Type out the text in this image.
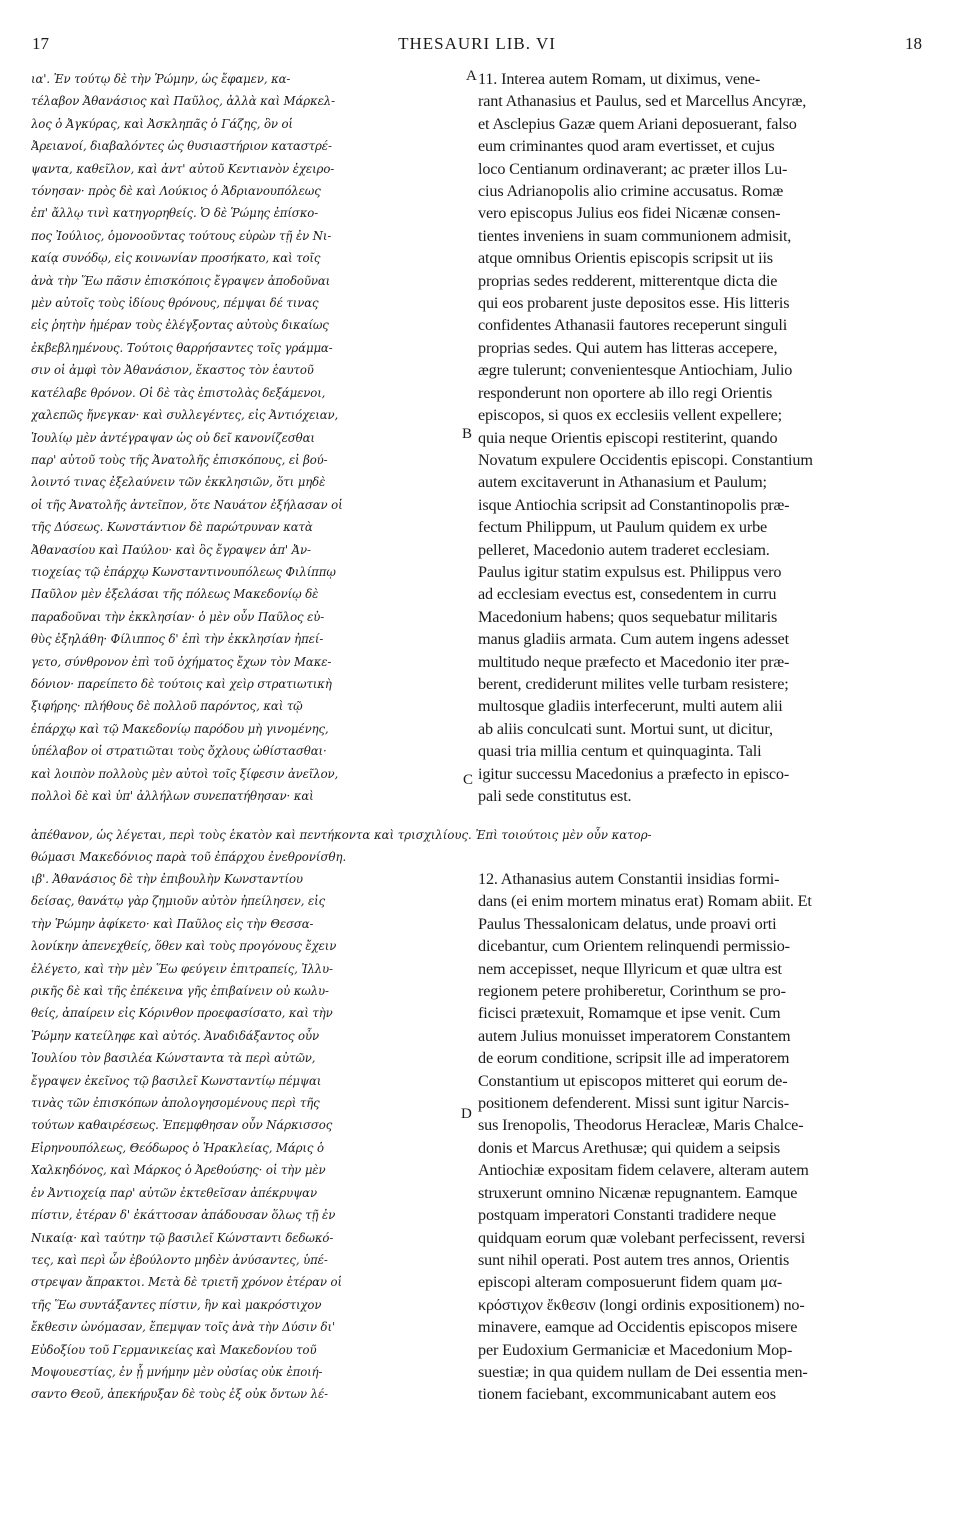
17	THESAURI LIB. VI	18
ια'. Ἐν τούτῳ δὲ τὴν Ῥώμην, ὡς ἔφαμεν, κα-
τέλαβον Ἀθανάσιος καὶ Παῦλος, ἀλλὰ καὶ Μάρκελ-
λος ὁ Ἀγκύρας, καὶ Ἀσκληπᾶς ὁ Γάζης, ὃν οἱ
Ἀρειανοί, διαβαλόντες ὡς θυσιαστήριον καταστρέ-
ψαντα, καθεῖλον, καὶ ἀντ' αὐτοῦ Κεντιανὸν ἐχειρο-
τόνησαν· πρὸς δὲ καὶ Λούκιος ὁ Ἀδριανουπόλεως
ἐπ' ἄλλῳ τινὶ κατηγορηθείς. Ὁ δὲ Ῥώμης ἐπίσκο-
πος Ἰούλιος, ὁμονοοῦντας τούτους εὑρὼν τῇ ἐν Νι-
καίᾳ συνόδῳ, εἰς κοινωνίαν προσήκατο, καὶ τοῖς
ἀνὰ τὴν Ἕω πᾶσιν ἐπισκόποις ἔγραψεν ἀποδοῦναι
μὲν αὐτοῖς τοὺς ἰδίους θρόνους, πέμψαι δέ τινας
εἰς ῥητὴν ἡμέραν τοὺς ἐλέγξοντας αὐτοὺς δικαίως
ἐκβεβλημένους. Τούτοις θαρρήσαντες τοῖς γράμμα-
σιν οἱ ἀμφὶ τὸν Ἀθανάσιον, ἕκαστος τὸν ἑαυτοῦ
κατέλαβε θρόνον. Οἱ δὲ τὰς ἐπιστολὰς δεξάμενοι,
χαλεπῶς ἤνεγκαν· καὶ συλλεγέντες, εἰς Ἀντιόχειαν,
Ἰουλίῳ μὲν ἀντέγραψαν ὡς οὐ δεῖ κανονίζεσθαι
παρ' αὐτοῦ τοὺς τῆς Ἀνατολῆς ἐπισκόπους, εἰ βού-
λοιντό τινας ἐξελαύνειν τῶν ἐκκλησιῶν, ὅτι μηδὲ
οἱ τῆς Ἀνατολῆς ἀντεῖπον, ὅτε Ναυάτον ἐξήλασαν οἱ
τῆς Δύσεως. Κωνστάντιον δὲ παρώτρυναν κατὰ
Ἀθανασίου καὶ Παύλου· καὶ ὃς ἔγραψεν ἀπ' Ἀν-
τιοχείας τῷ ἐπάρχῳ Κωνσταντινουπόλεως Φιλίππῳ
Παῦλον μὲν ἐξελάσαι τῆς πόλεως Μακεδονίῳ δὲ
παραδοῦναι τὴν ἐκκλησίαν· ὁ μὲν οὖν Παῦλος εὐ-
θὺς ἐξηλάθη· Φίλιππος δ' ἐπὶ τὴν ἐκκλησίαν ἠπεί-
γετο, σύνθρονον ἐπὶ τοῦ ὀχήματος ἔχων τὸν Μακε-
δόνιον· παρείπετο δὲ τούτοις καὶ χεὶρ στρατιωτικὴ
ξιφήρης· πλήθους δὲ πολλοῦ παρόντος, καὶ τῷ
ἐπάρχῳ καὶ τῷ Μακεδονίῳ παρόδου μὴ γινομένης,
ὑπέλαβον οἱ στρατιῶται τοὺς ὄχλους ὠθίστασθαι·
καὶ λοιπὸν πολλοὺς μὲν αὐτοὶ τοῖς ξίφεσιν ἀνεῖλον,
πολλοὶ δὲ καὶ ὑπ' ἀλλήλων συνεπατήθησαν· καὶ
11. Interea autem Romam, ut diximus, vene-
rant Athanasius et Paulus, sed et Marcellus Ancyræ,
et Asclepius Gazæ quem Ariani deposuerant, falso
eum criminantes quod aram evertisset, et cujus
loco Centianum ordinaverant; ac præter illos Lu-
cius Adrianopolis alio crimine accusatus. Romæ
vero episcopus Julius eos fidei Nicænæ consen-
tientes inveniens in suam communionem admisit,
atque omnibus Orientis episcopis scripsit ut iis
proprias sedes redderent, mitterentque dicta die
qui eos probarent juste depositos esse. His litteris
confidentes Athanasii fautores receperunt singuli
proprias sedes. Qui autem has litteras accepere,
ægre tulerunt; convenientesque Antiochiam, Julio
responderunt non oportere ab illo regi Orientis
episcopos, si quos ex ecclesiis vellent expellere;
quia neque Orientis episcopi restiterint, quando
Novatum expulere Occidentis episcopi. Constantium
autem excitaverunt in Athanasium et Paulum;
isque Antiochia scripsit ad Constantinopolis præ-
fectum Philippum, ut Paulum quidem ex urbe
pelleret, Macedonio autem traderet ecclesiam.
Paulus igitur statim expulsus est. Philippus vero
ad ecclesiam evectus est, consedentem in curru
Macedonium habens; quos sequebatur militaris
manus gladiis armata. Cum autem ingens adesset
multitudo neque præfecto et Macedonio iter præ-
berent, crediderunt milites velle turbam resistere;
multosque gladiis interfecerunt, multi autem alii
ab aliis conculcati sunt. Mortui sunt, ut dicitur,
quasi tria millia centum et quinquaginta. Tali
igitur successu Macedonius a præfecto in episco-
pali sede constitutus est.
ἀπέθανον, ὡς λέγεται, περὶ τοὺς ἑκατὸν καὶ πεντήκοντα καὶ τρισχιλίους. Ἐπὶ τοιούτοις μὲν οὖν κατορ-
θώμασι Μακεδόνιος παρὰ τοῦ ἐπάρχου ἐνεθρονίσθη.
ιβ'. Ἀθανάσιος δὲ τὴν ἐπιβουλὴν Κωνσταντίου
δείσας, θανάτῳ γὰρ ζημιοῦν αὐτὸν ἠπείλησεν, εἰς
τὴν Ῥώμην ἀφίκετο· καὶ Παῦλος εἰς τὴν Θεσσα-
λονίκην ἀπενεχθείς, ὅθεν καὶ τοὺς προγόνους ἔχειν
ἐλέγετο, καὶ τὴν μὲν Ἕω φεύγειν ἐπιτραπείς, Ἰλλυ-
ρικῆς δὲ καὶ τῆς ἐπέκεινα γῆς ἐπιβαίνειν οὐ κωλυ-
θείς, ἀπαίρειν εἰς Κόρινθον προεφασίσατο, καὶ τὴν
Ῥώμην κατείληφε καὶ αὐτός. Ἀναδιδάξαντος οὖν
Ἰουλίου τὸν βασιλέα Κώνσταντα τὰ περὶ αὐτῶν,
ἔγραψεν ἐκεῖνος τῷ βασιλεῖ Κωνσταντίῳ πέμψαι
τινὰς τῶν ἐπισκόπων ἀπολογησομένους περὶ τῆς
τούτων καθαιρέσεως. Ἐπεμφθησαν οὖν Νάρκισσος
Εἰρηνουπόλεως, Θεόδωρος ὁ Ἡρακλείας, Μάρις ὁ
Χαλκηδόνος, καὶ Μάρκος ὁ Ἀρεθούσης· οἱ τὴν μὲν
ἐν Ἀντιοχείᾳ παρ' αὐτῶν ἐκτεθεῖσαν ἀπέκρυψαν
πίστιν, ἑτέραν δ' ἐκάττοσαν ἀπάδουσαν ὅλως τῇ ἐν
Νικαίᾳ· καὶ ταύτην τῷ βασιλεῖ Κώνσταντι δεδωκό-
τες, καὶ περὶ ὧν ἐβούλοντο μηδὲν ἀνύσαντες, ὑπέ-
στρεψαν ἄπρακτοι. Μετὰ δὲ τριετῆ χρόνον ἑτέραν οἱ
τῆς Ἕω συντάξαντες πίστιν, ἣν καὶ μακρόστιχον
ἔκθεσιν ὠνόμασαν, ἔπεμψαν τοῖς ἀνὰ τὴν Δύσιν δι'
Εὐδοξίου τοῦ Γερμανικείας καὶ Μακεδονίου τοῦ
Μοψουεστίας, ἐν ᾗ μνήμην μὲν οὐσίας οὐκ ἐποιή-
σαντο Θεοῦ, ἀπεκήρυξαν δὲ τοὺς ἐξ οὐκ ὄντων λέ-
12. Athanasius autem Constantii insidias formi-
dans (ei enim mortem minatus erat) Romam abiit. Et
Paulus Thessalonicam delatus, unde proavi orti
dicebantur, cum Orientem relinquendi permissio-
nem accepisset, neque Illyricum et quæ ultra est
regionem petere prohiberetur, Corinthum se pro-
ficisci prætexuit, Romamque et ipse venit. Cum
autem Julius monuisset imperatorem Constantem
de eorum conditione, scripsit ille ad imperatorem
Constantium ut episcopos mitteret qui eorum de-
positionem defenderent. Missi sunt igitur Narcis-
sus Irenopolis, Theodorus Heracleæ, Maris Chalce-
donis et Marcus Arethusæ; qui quidem a seipsis
Antiochiæ expositam fidem celavere, alteram autem
struxerunt omnino Nicænæ repugnantem. Eamque
postquam imperatori Constanti tradidere neque
quidquam eorum quæ volebant perfecissent, reversi
sunt nihil operati. Post autem tres annos, Orientis
episcopi alteram composuerunt fidem quam μα-
κρόστιχον ἔκθεσιν (longi ordinis expositionem) no-
minavere, eamque ad Occidentis episcopos misere
per Eudoxium Germaniciæ et Macedonium Mop-
suestiæ; in qua quidem nullam de Dei essentia men-
tionem faciebant, excommunicabant autem eos
A
B
C
D
